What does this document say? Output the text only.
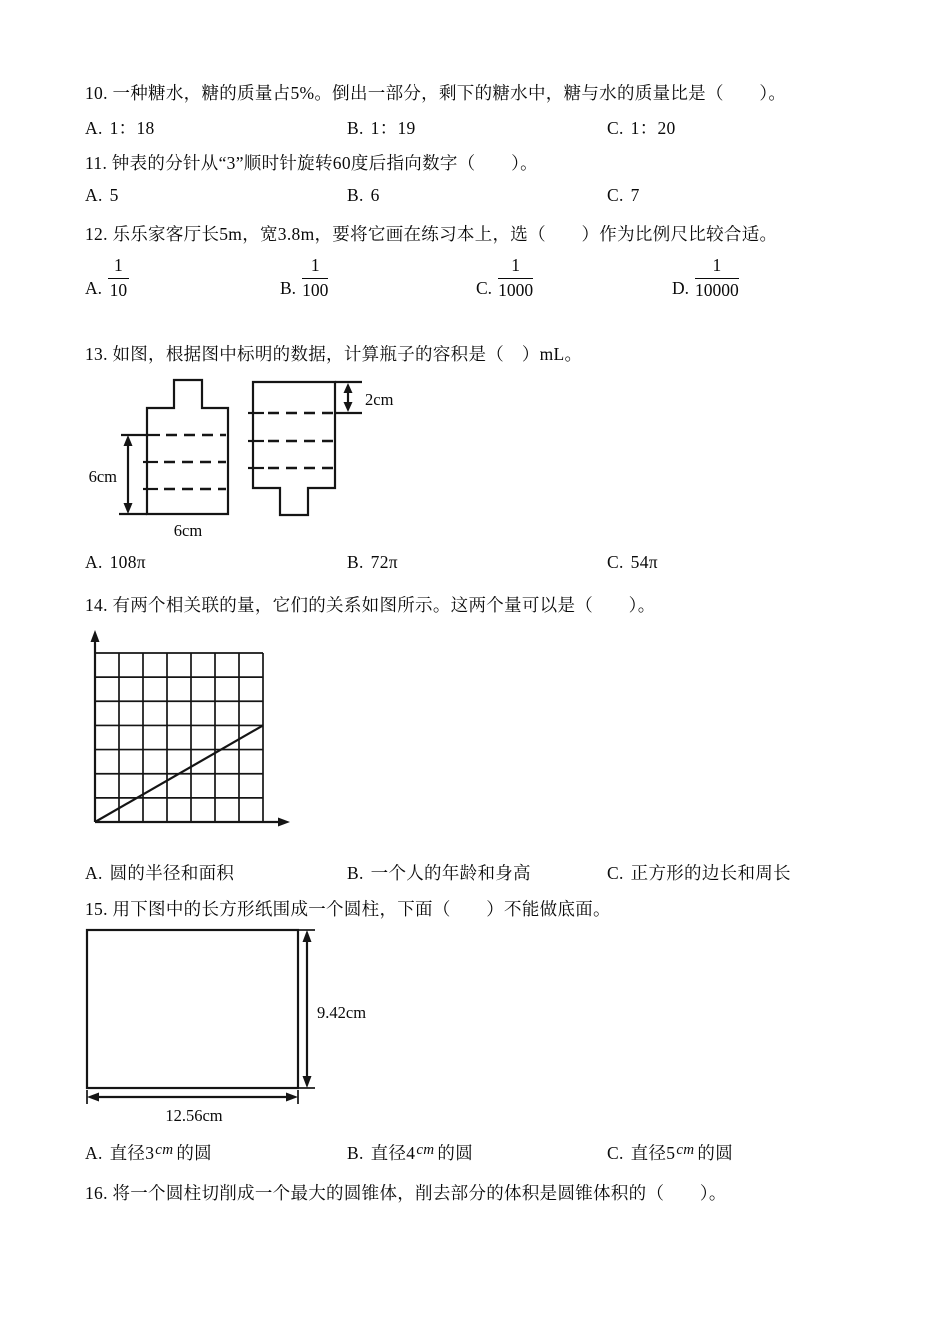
10. 一种糖水，糖的质量占5%。倒出一部分，剩下的糖水中，糖与水的质量比是（　　）。
A. 1：18	B. 1：19	C. 1：20
11. 钟表的分针从“3”顺时针旋转60度后指向数字（　　）。
A. 5	B. 6	C. 7
12. 乐乐家客厅长5m，宽3.8m，要将它画在练习本上，选（　　）作为比例尺比较合适。
A. $\frac{1}{10}$	B. $\frac{1}{100}$	C. $\frac{1}{1000}$	D. $\frac{1}{10000}$
13. 如图，根据图中标明的数据，计算瓶子的容积是（　）mL。
6cm
6cm
2cm
A. 108π	B. 72π	C. 54π
14. 有两个相关联的量，它们的关系如图所示。这两个量可以是（　　）。
A. 圆的半径和面积	B. 一个人的年龄和身高	C. 正方形的边长和周长
15. 用下图中的长方形纸围成一个圆柱，下面（　　）不能做底面。
9.42cm
12.56cm
A. 直径3cm 的圆	B. 直径4cm 的圆	C. 直径5cm 的圆
16. 将一个圆柱切削成一个最大的圆锥体，削去部分的体积是圆锥体积的（　　）。
